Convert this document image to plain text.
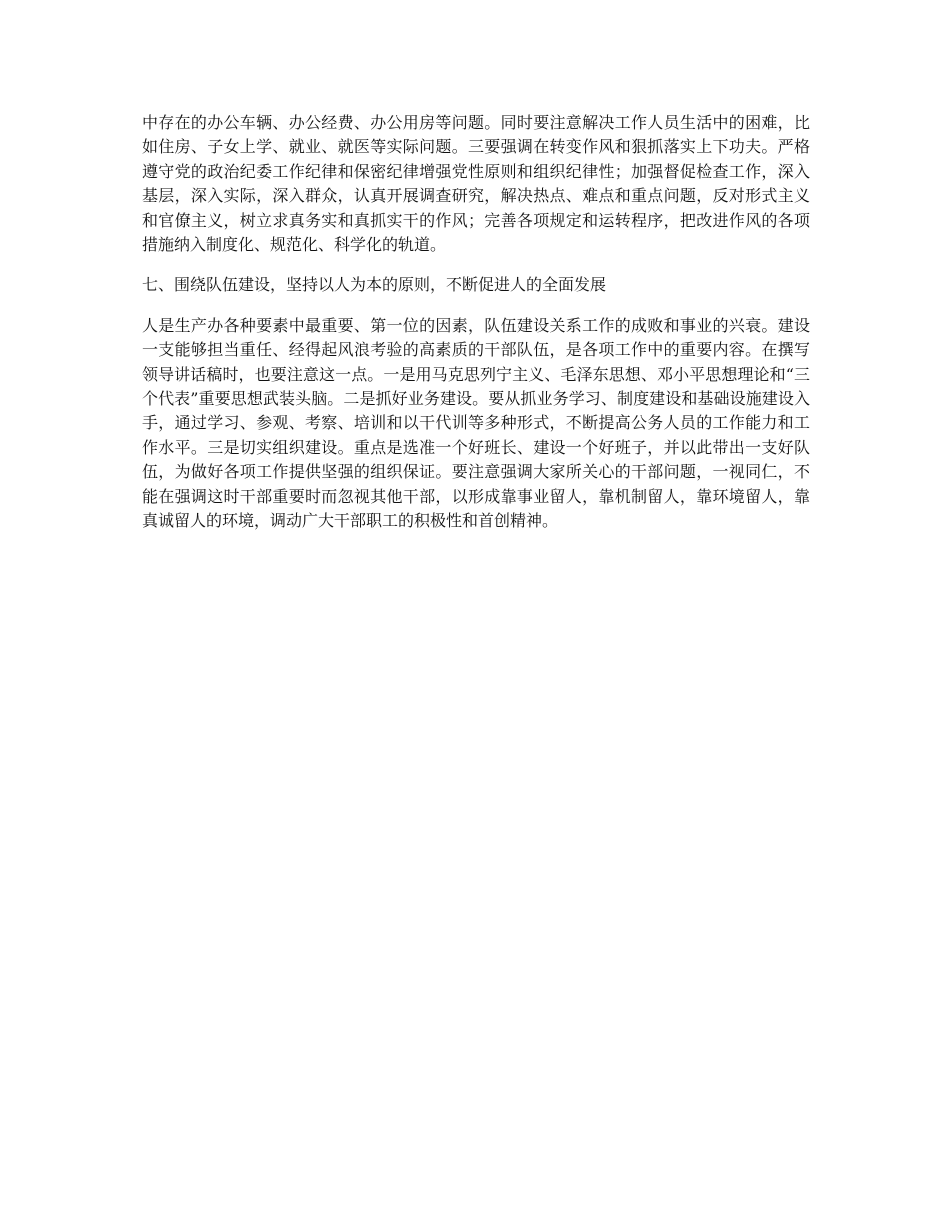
中存在的办公车辆、办公经费、办公用房等问题。同时要注意解决工作人员生活中的困难，比如住房、子女上学、就业、就医等实际问题。三要强调在转变作风和狠抓落实上下功夫。严格遵守党的政治纪委工作纪律和保密纪律增强党性原则和组织纪律性；加强督促检查工作，深入基层，深入实际，深入群众，认真开展调查研究，解决热点、难点和重点问题，反对形式主义和官僚主义，树立求真务实和真抓实干的作风；完善各项规定和运转程序，把改进作风的各项措施纳入制度化、规范化、科学化的轨道。

七、围绕队伍建设，坚持以人为本的原则，不断促进人的全面发展

人是生产办各种要素中最重要、第一位的因素，队伍建设关系工作的成败和事业的兴衰。建设一支能够担当重任、经得起风浪考验的高素质的干部队伍，是各项工作中的重要内容。在撰写领导讲话稿时，也要注意这一点。一是用马克思列宁主义、毛泽东思想、邓小平思想理论和“三个代表”重要思想武装头脑。二是抓好业务建设。要从抓业务学习、制度建设和基础设施建设入手，通过学习、参观、考察、培训和以干代训等多种形式，不断提高公务人员的工作能力和工作水平。三是切实组织建设。重点是选准一个好班长、建设一个好班子，并以此带出一支好队伍，为做好各项工作提供坚强的组织保证。要注意强调大家所关心的干部问题，一视同仁，不能在强调这时干部重要时而忽视其他干部，以形成靠事业留人，靠机制留人，靠环境留人，靠真诚留人的环境，调动广大干部职工的积极性和首创精神。
